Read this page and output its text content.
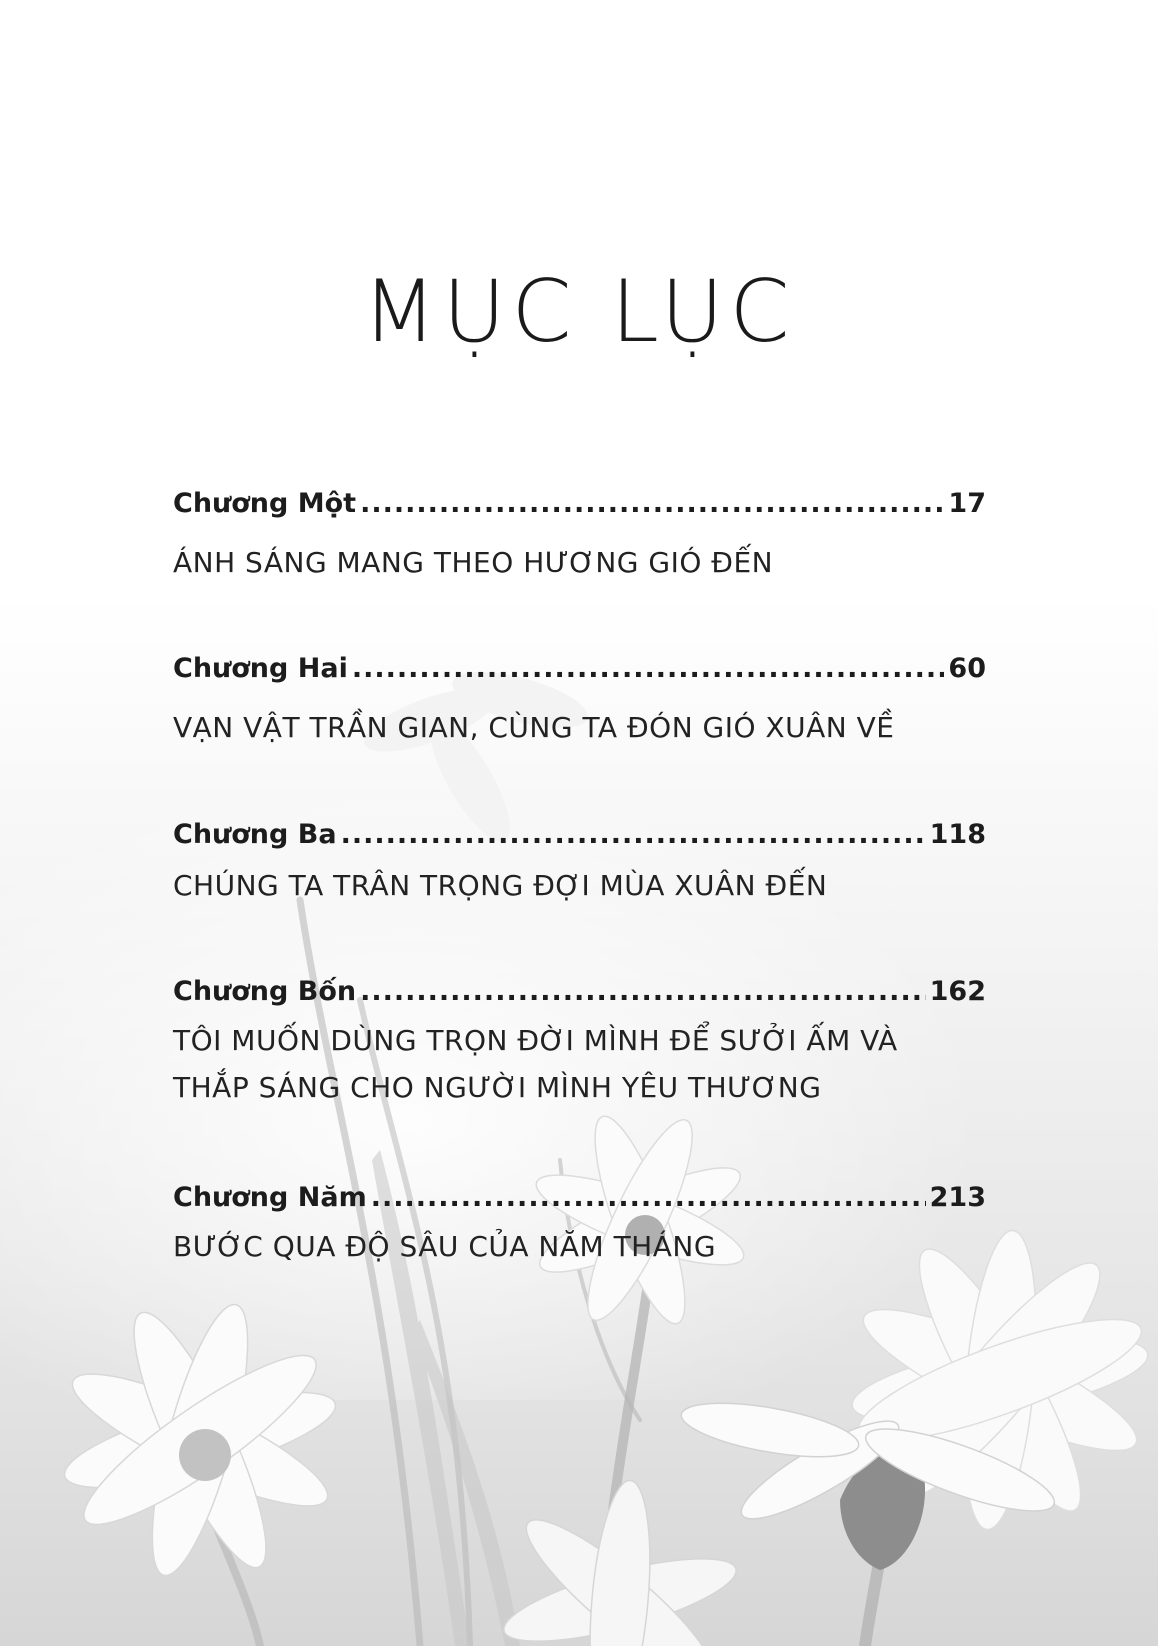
MỤC LỤC
Chương Một .....	17
ÁNH SÁNG MANG THEO HƯƠNG GIÓ ĐẾN
Chương Hai .....	60
VẠN VẬT TRẦN GIAN, CÙNG TA ĐÓN GIÓ XUÂN VỀ
Chương Ba .....	118
CHÚNG TA TRÂN TRỌNG ĐỢI MÙA XUÂN ĐẾN
Chương Bốn .....	162
TÔI MUỐN DÙNG TRỌN ĐỜI MÌNH ĐỂ SƯỞI ẤM VÀ
THẮP SÁNG CHO NGƯỜI MÌNH YÊU THƯƠNG
Chương Năm .....	213
BƯỚC QUA ĐỘ SÂU CỦA NĂM THÁNG
